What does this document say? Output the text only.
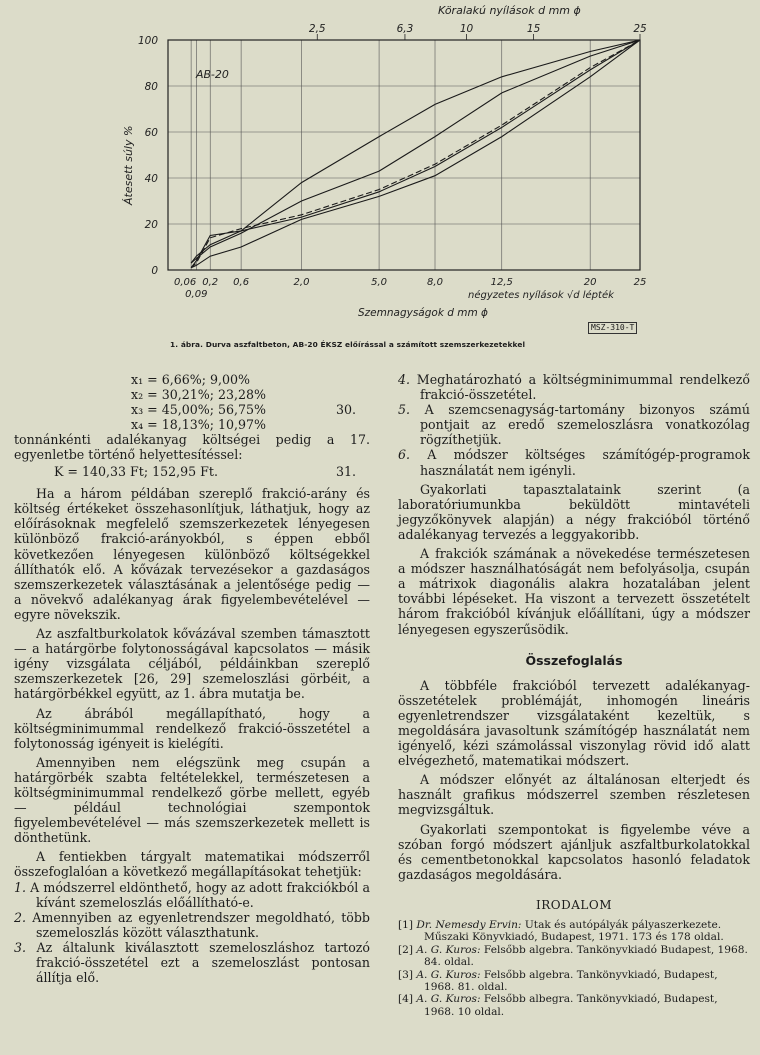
0
20
40
60
80
100
0,06
0,09
0,2 0,6	2,0	5,0	8,0	12,5	20	25
2,5	6,3	10	15	25
AB-20
Köralakú nyílások d mm ϕ
négyzetes nyílások √d lépték
Szemnagyságok d mm ϕ
Átesett súly %
MSZ-310-T
1. ábra. Durva aszfaltbeton, AB-20 ÉKSZ előírással a számított szemszerkezetekkel
x₁ = 6,66%; 9,00%
x₂ = 30,21%; 23,28%
x₃ = 45,00%; 56,75%	30.
x₄ = 18,13%; 10,97%

tonnánkénti adalékanyag költségei pedig a 17. egyenletbe történő helyettesítéssel:

K = 140,33 Ft; 152,95 Ft.	31.

Ha a három példában szereplő frakció-arány és költség értékeket összehasonlítjuk, láthatjuk, hogy az előírásoknak megfelelő szemszerkezetek lényegesen különböző frakció-arányokból, s éppen ebből következően lényegesen különböző költségekkel állíthatók elő. A kővázak tervezésekor a gazdaságos szemszerkezetek választásának a jelentősége pedig — a növekvő adalékanyag árak figyelembevételével — egyre növekszik.

Az aszfaltburkolatok kővázával szemben támasztott — a határgörbe folytonosságával kapcsolatos — másik igény vizsgálata céljából, példáinkban szereplő szemszerkezetek [26, 29] szemeloszlási görbéit, a határgörbékkel együtt, az 1. ábra mutatja be.

Az ábrából megállapítható, hogy a költségminimummal rendelkező frakció-összetétel a folytonosság igényeit is kielégíti.

Amennyiben nem elégszünk meg csupán a határgörbék szabta feltételekkel, természetesen a költségminimummal rendelkező görbe mellett, egyéb — például technológiai szempontok figyelembevételével — más szemszerkezetek mellett is dönthetünk.

A fentiekben tárgyalt matematikai módszerről összefoglalóan a következő megállapításokat tehetjük:

1. A módszerrel eldönthető, hogy az adott frakciókból a kívánt szemeloszlás előállítható-e.

2. Amennyiben az egyenletrendszer megoldható, több szemeloszlás között választhatunk.

3. Az általunk kiválasztott szemeloszláshoz tartozó frakció-összetétel ezt a szemeloszlást pontosan állítja elő.

4. Meghatározható a költségminimummal rendelkező frakció-összetétel.

5. A szemcsenagyság-tartomány bizonyos számú pontjait az eredő szemeloszlásra vonatkozólag rögzíthetjük.

6. A módszer költséges számítógép-programok használatát nem igényli.

Gyakorlati tapasztalataink szerint (a laboratóriumunkba beküldött mintavételi jegyzőkönyvek alapján) a négy frakcióból történő adalékanyag tervezés a leggyakoribb.

A frakciók számának a növekedése természetesen a módszer használhatóságát nem befolyásolja, csupán a mátrixok diagonális alakra hozatalában jelent további lépéseket. Ha viszont a tervezett összetételt három frakcióból kívánjuk előállítani, úgy a módszer lényegesen egyszerűsödik.

Összefoglalás

A többféle frakcióból tervezett adalékanyag-összetételek problémáját, inhomogén lineáris egyenletrendszer vizsgálataként kezeltük, s megoldására javasoltunk számítógép használatát nem igényelő, kézi számolással viszonylag rövid idő alatt elvégezhető, matematikai módszert.

A módszer előnyét az általánosan elterjedt és használt grafikus módszerrel szemben részletesen megvizsgáltuk.

Gyakorlati szempontokat is figyelembe véve a szóban forgó módszert ajánljuk aszfaltburkolatokkal és cementbetonokkal kapcsolatos hasonló feladatok gazdaságos megoldására.

IRODALOM

[1] Dr. Nemesdy Ervin: Utak és autópályák pályaszerkezete. Műszaki Könyvkiadó, Budapest, 1971. 173 és 178 oldal.

[2] A. G. Kuros: Felsőbb algebra. Tankönyvkiadó Budapest, 1968. 84. oldal.

[3] A. G. Kuros: Felsőbb algebra. Tankönyvkiadó, Budapest, 1968. 81. oldal.

[4] A. G. Kuros: Felsőbb albegra. Tankönyvkiadó, Budapest, 1968. 10 oldal.
